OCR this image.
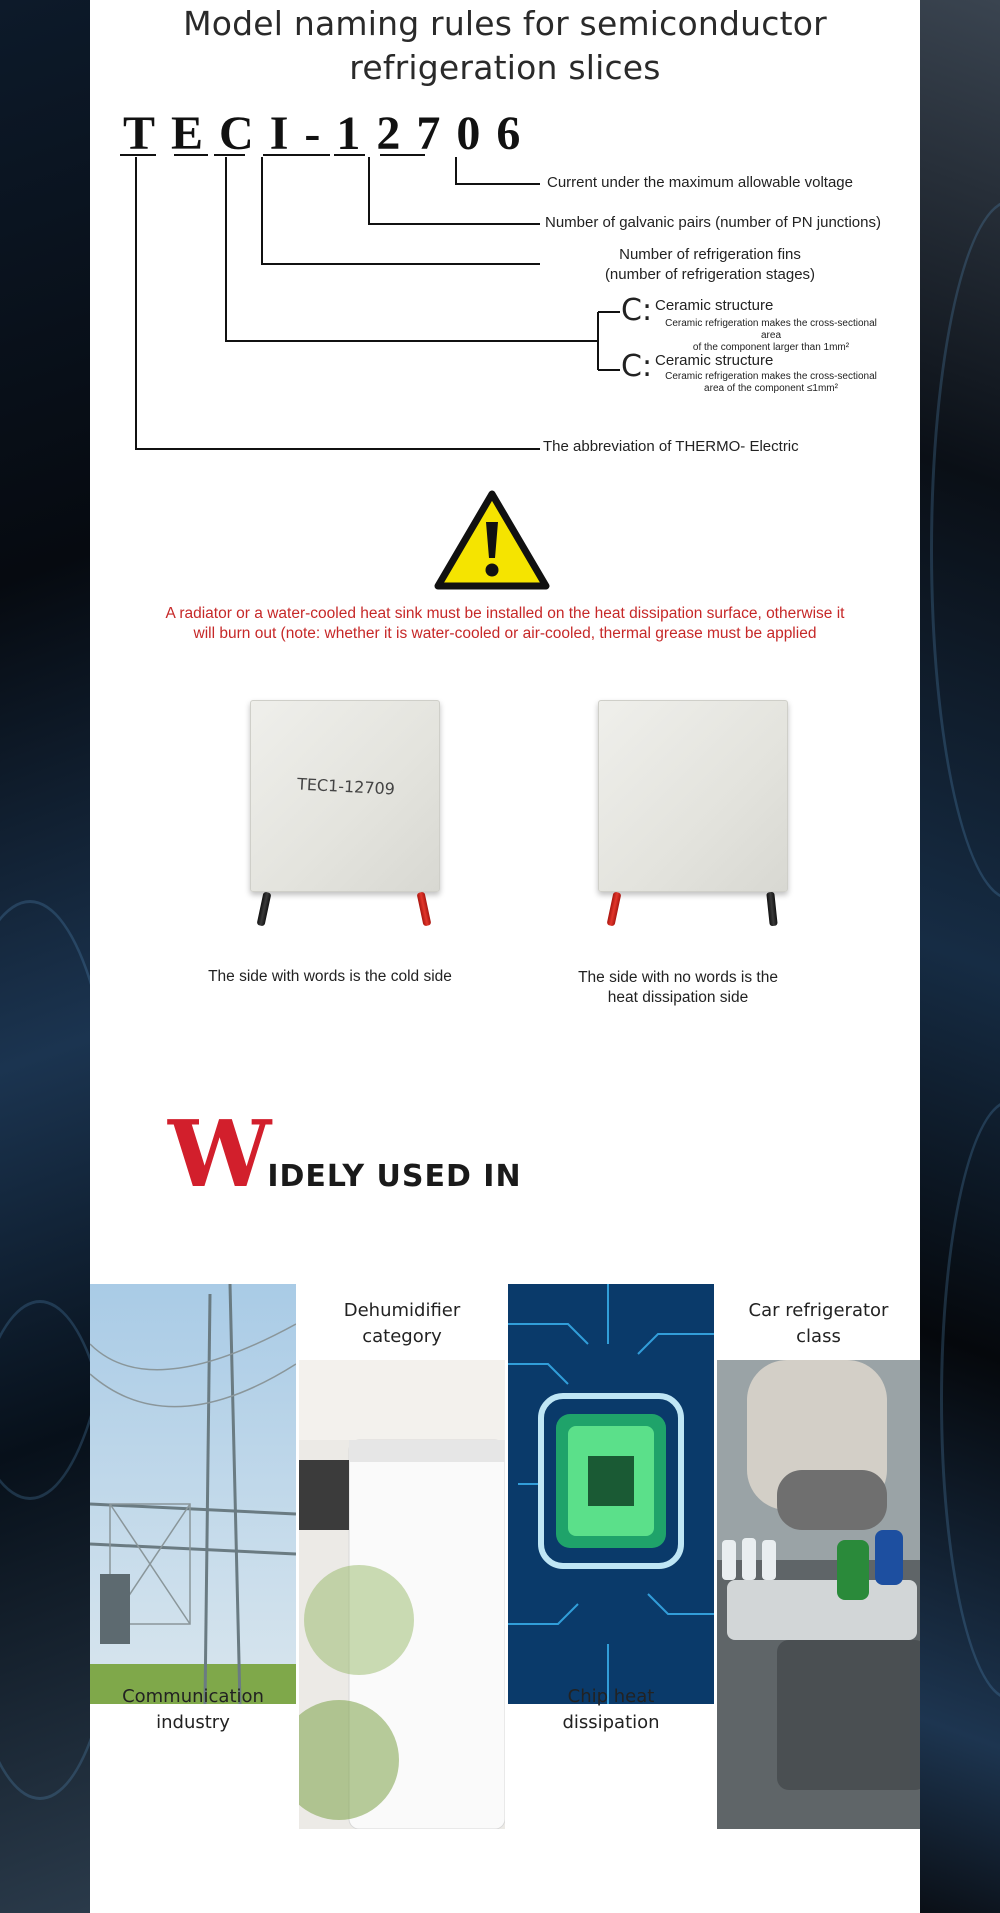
Model naming rules for semiconductor
refrigeration slices
TECI-12706
Current under the maximum allowable voltage
Number of galvanic pairs (number of PN junctions)
Number of refrigeration fins
(number of refrigeration stages)
C: Ceramic structure
Ceramic refrigeration makes the cross-sectional area
of the component larger than 1mm²
C: Ceramic structure
Ceramic refrigeration makes the cross-sectional
area of the component ≤1mm²
The abbreviation of THERMO- Electric
A radiator or a water-cooled heat sink must be installed on the heat dissipation surface, otherwise it
will burn out (note: whether it is water-cooled or air-cooled, thermal grease must be applied
TEC1-12709
The side with words is the cold side	The side with no words is the
heat dissipation side
WIDELY USED IN
Communication
industry
Dehumidifier
category
Chip heat
dissipation
Car refrigerator
class
